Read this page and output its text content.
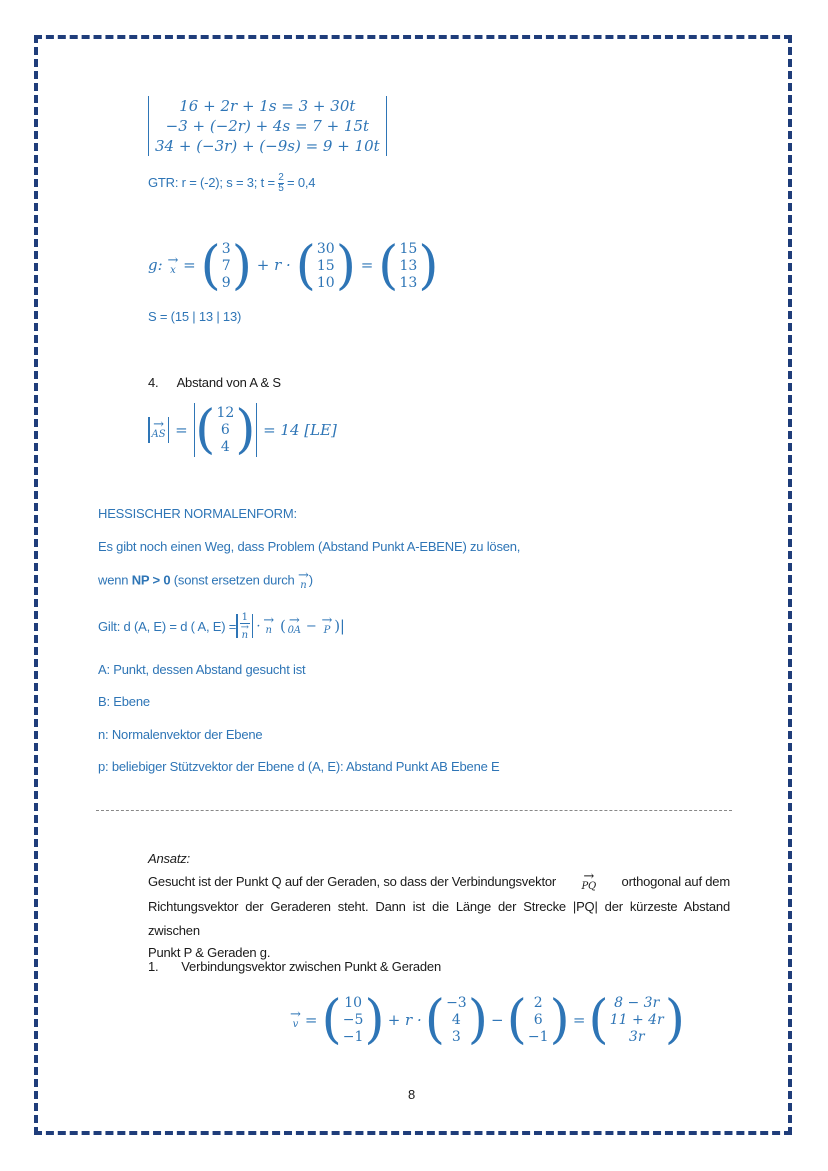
16 + 2r + 1s = 3 + 30t
−3 + (−2r) + 4s = 7 + 15t
34 + (−3r) + (−9s) = 9 + 10t
GTR: r = (-2); s = 3; $t = \frac{2}{5} = 0,4$
g: →
x = ( 3
7
9 ) + r · ( 30
15
10 ) = ( 15
13
13 )
S = (15 | 13 | 13)
4. Abstand von A & S
→
AS = ( 12
6
4 ) = 14 [LE]
HESSISCHER NORMALENFORM:
Es gibt noch einen Weg, dass Problem (Abstand Punkt A-EBENE) zu lösen,
wenn NP > 0 (sonst ersetzen durch →
n )
Gilt: d (A, E) = d ( A, E) =
1
→
n
· →
n ( →
0A − →
P )|
A: Punkt, dessen Abstand gesucht ist
B: Ebene
n: Normalenvektor der Ebene
p: beliebiger Stützvektor der Ebene d (A, E): Abstand Punkt AB Ebene E
Ansatz:
Gesucht ist der Punkt Q auf der Geraden, so dass der Verbindungsvektor →
PQ orthogonal auf dem
Richtungsvektor der Geraderen steht. Dann ist die Länge der Strecke |PQ| der kürzeste Abstand zwischen
Punkt P & Geraden g.
1. Verbindungsvektor zwischen Punkt & Geraden
→
v = ( 10
−5
−1 ) + r · ( −3
4
3 ) − ( 2
6
−1 ) = ( 8 − 3r
11 + 4r
3r )
8
